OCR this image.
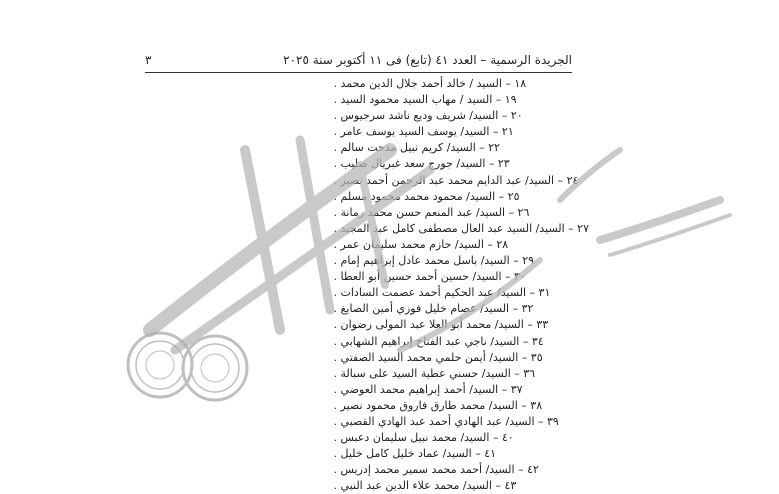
الجريدة الرسمية – العدد ٤١ (تابع) فى ١١ أكتوبر سنة ٢٠٢٥
٣
١٨ – السيد / خالد أحمد جلال الدين محمد .
١٩ – السيد / مهاب السيد محمود السيد .
٢٠ – السيد/ شريف وديع ناشد سرجيوس .
٢١ – السيد/ يوسف السيد يوسف عامر .
٢٢ – السيد/ كريم نبيل مدحت سالم .
٢٣ – السيد/ جورج سعد غبريال صليب .
٢٤ – السيد/ عبد الدايم محمد عبد الرحمن أحمد نصير .
٢٥ – السيد/ محمود محمد محمود مسلم .
٢٦ – السيد/ عبد المنعم حسن محمد رمانة .
٢٧ – السيد/ السيد عبد العال مصطفى كامل عبد المجيد .
٢٨ – السيد/ حازم محمد سليمان عمر .
٢٩ – السيد/ باسل محمد عادل إبراهيم إمام .
٣٠ – السيد/ حسين أحمد حسين أبو العطا .
٣١ – السيد/ عبد الحكيم أحمد عصمت السادات .
٣٢ – السيد/ عصام خليل فوزي أمين الصايغ .
٣٣ – السيد/ محمد أبو العلا عبد المولى رضوان .
٣٤ – السيد/ ناجي عبد الفتاح إبراهيم الشهابي .
٣٥ – السيد/ أيمن حلمي محمد السيد الصفتي .
٣٦ – السيد/ حسني عطية السيد على سبالة .
٣٧ – السيد/ أحمد إبراهيم محمد العوضي .
٣٨ – السيد/ محمد طارق فاروق محمود نصير .
٣٩ – السيد/ عبد الهادي أحمد عبد الهادي القصبي .
٤٠ – السيد/ محمد نبيل سليمان دعبس .
٤١ – السيد/ عماد خليل كامل خليل .
٤٢ – السيد/ أحمد محمد سمير محمد إدريس .
٤٣ – السيد/ محمد علاء الدين عبد النبي .
